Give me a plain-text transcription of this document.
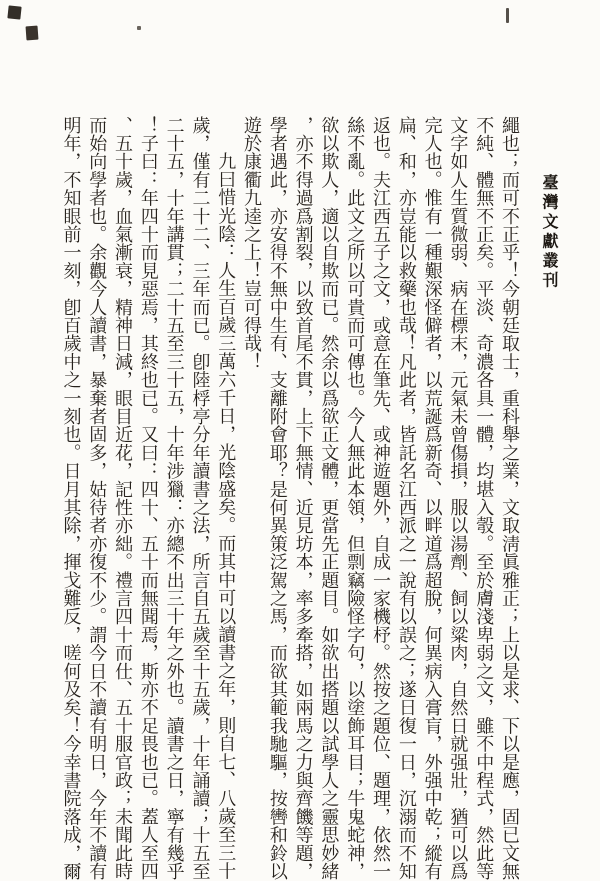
臺灣文獻叢刊
繩也；而可不正乎！今朝廷取士，重科舉之業，文取淸眞雅正；上以是求、下以是應，固已文無
不純、體無不正矣。平淡、奇濃各具一體，均堪入彀。至於膚淺卑弱之文，雖不中程式，然此等
文字如人生質微弱、病在標末，元氣未曾傷損，服以湯劑、飼以粱肉，自然日就强壯，猶可以爲
完人也。惟有一種艱深怪僻者，以荒誕爲新奇、以畔道爲超脫，何異病入膏肓，外强中乾；縱有
扁、和，亦豈能以救藥也哉！凡此者，皆託名江西派之一說有以誤之；遂日復一日，沉溺而不知
返也。夫江西五子之文，或意在筆先、或神遊題外，自成一家機杼。然按之題位、題理，依然一
絲不亂。此文之所以可貴而可傳也。今人無此本領，但剽竊險怪字句，以塗飾耳目；牛鬼蛇神，
欲以欺人，適以自欺而已。然余以爲欲正文體，更當先正題目。如欲出搭題以試學人之靈思妙緒
，亦不得過爲割裂，以致首尾不貫，上下無情、近見坊本，率多牽搭，如兩馬之力與齊饑等題，
學者遇此，亦安得不無中生有、支離附會耶？是何異策泛駕之馬，而欲其範我馳驅，按轡和鈴以
遊於康衢九逵之上！豈可得哉！
九曰惜光陰：人生百歲三萬六千日，光陰盛矣。而其中可以讀書之年，則自七、八歲至三十
歲，僅有二十二、三年而已。卽陸桴亭分年讀書之法，所言自五歲至十五歲，十年誦讀；十五至
二十五，十年講貫；二十五至三十五，十年涉獵：亦總不出三十年之外也。讀書之日，寧有幾乎
！子曰：年四十而見惡焉，其終也已。又曰：四十、五十而無聞焉，斯亦不足畏也已。蓋人至四
、五十歲，血氣漸衰，精神日減，眼目近花，記性亦絀。禮言四十而仕、五十服官政；未聞此時
而始向學者也。余觀今人讀書，暴棄者固多，姑待者亦復不少。謂今日不讀有明日，今年不讀有
明年，不知眼前一刻，卽百歲中之一刻也。日月其除，揮戈難反，嗟何及矣！今幸書院落成，爾
